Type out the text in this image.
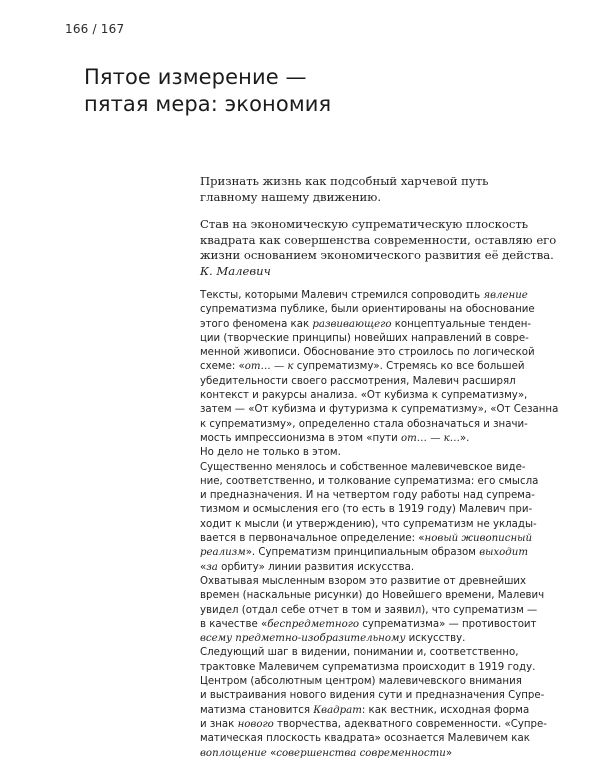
166 / 167
Пятое измерение —
пятая мера: экономия
Признать жизнь как подсобный харчевой путь
главному нашему движению.
Став на экономическую супрематическую плоскость
квадрата как совершенства современности, оставляю его
жизни основанием экономического развития её действа.
К. Малевич
Тексты, которыми Малевич стремился сопроводить явление
супрематизма публике, были ориентированы на обоснование
этого феномена как развивающего концептуальные тенден-
ции (творческие принципы) новейших направлений в совре-
менной живописи. Обоснование это строилось по логической
схеме: «от… — к супрематизму». Стремясь ко все большей
убедительности своего рассмотрения, Малевич расширял
контекст и ракурсы анализа. «От кубизма к супрематизму»,
затем — «От кубизма и футуризма к супрематизму», «От Сезанна
к супрематизму», определенно стала обозначаться и значи-
мость импрессионизма в этом «пути от… — к…».
Но дело не только в этом.
Существенно менялось и собственное малевичевское виде-
ние, соответственно, и толкование супрематизма: его смысла
и предназначения. И на четвертом году работы над супрема-
тизмом и осмысления его (то есть в 1919 году) Малевич при-
ходит к мысли (и утверждению), что супрематизм не уклады-
вается в первоначальное определение: «новый живописный
реализм». Супрематизм принципиальным образом выходит
«за орбиту» линии развития искусства.
Охватывая мысленным взором это развитие от древнейших
времен (наскальные рисунки) до Новейшего времени, Малевич
увидел (отдал себе отчет в том и заявил), что супрематизм —
в качестве «беспредметного супрематизма» — противостоит
всему предметно-изобразительному искусству.
Следующий шаг в видении, понимании и, соответственно,
трактовке Малевичем супрематизма происходит в 1919 году.
Центром (абсолютным центром) малевичевского внимания
и выстраивания нового видения сути и предназначения Супре-
матизма становится Квадрат: как вестник, исходная форма
и знак нового творчества, адекватного современности. «Супре-
матическая плоскость квадрата» осознается Малевичем как
воплощение «совершенства современности»
